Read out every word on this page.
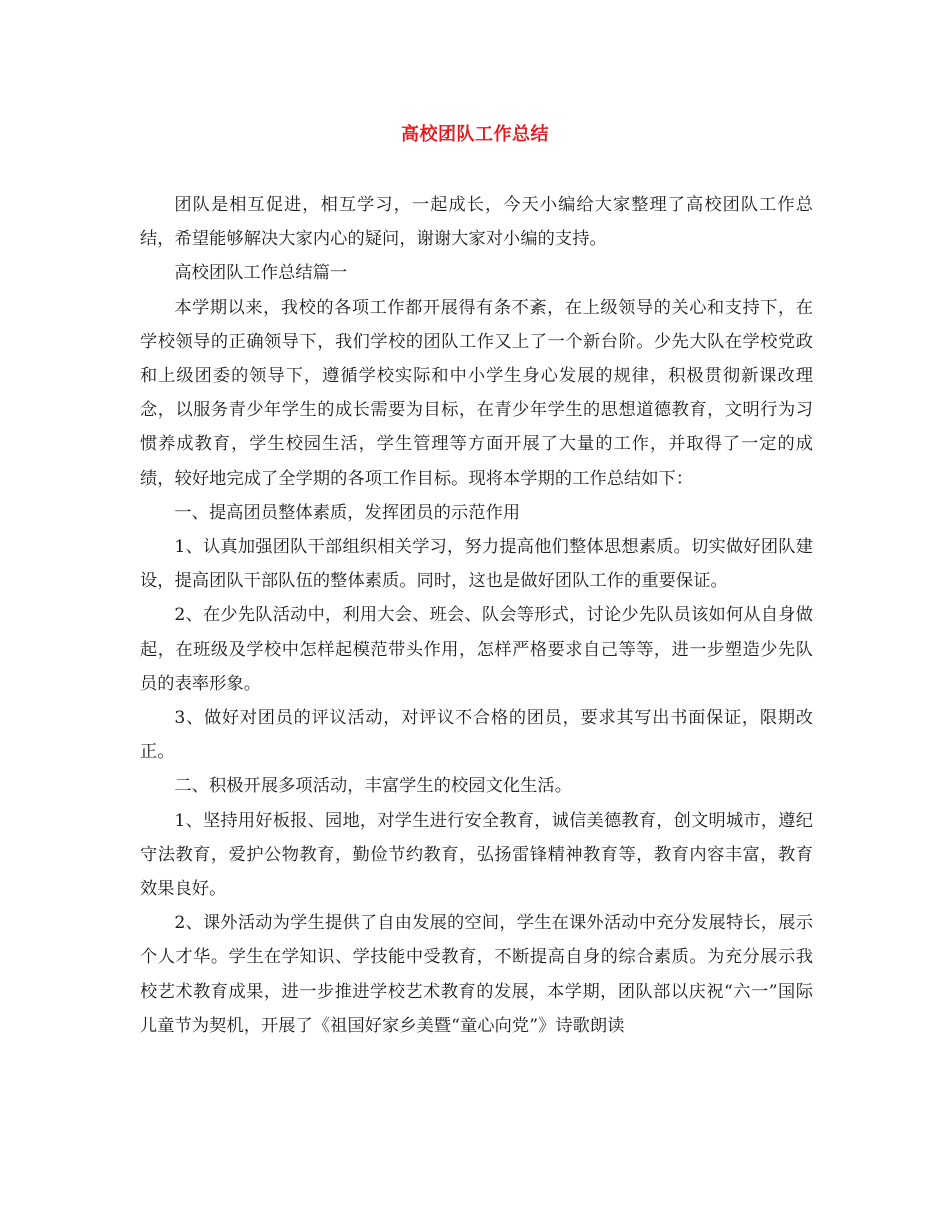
高校团队工作总结

团队是相互促进，相互学习，一起成长，今天小编给大家整理了高校团队工作总结，希望能够解决大家内心的疑问，谢谢大家对小编的支持。

高校团队工作总结篇一

本学期以来，我校的各项工作都开展得有条不紊，在上级领导的关心和支持下，在学校领导的正确领导下，我们学校的团队工作又上了一个新台阶。少先大队在学校党政和上级团委的领导下，遵循学校实际和中小学生身心发展的规律，积极贯彻新课改理念，以服务青少年学生的成长需要为目标，在青少年学生的思想道德教育，文明行为习惯养成教育，学生校园生活，学生管理等方面开展了大量的工作，并取得了一定的成绩，较好地完成了全学期的各项工作目标。现将本学期的工作总结如下：

一、提高团员整体素质，发挥团员的示范作用

1、认真加强团队干部组织相关学习，努力提高他们整体思想素质。切实做好团队建设，提高团队干部队伍的整体素质。同时，这也是做好团队工作的重要保证。

2、在少先队活动中，利用大会、班会、队会等形式，讨论少先队员该如何从自身做起，在班级及学校中怎样起模范带头作用，怎样严格要求自己等等，进一步塑造少先队员的表率形象。

3、做好对团员的评议活动，对评议不合格的团员，要求其写出书面保证，限期改正。

二、积极开展多项活动，丰富学生的校园文化生活。

1、坚持用好板报、园地，对学生进行安全教育，诚信美德教育，创文明城市，遵纪守法教育，爱护公物教育，勤俭节约教育，弘扬雷锋精神教育等，教育内容丰富，教育效果良好。

2、课外活动为学生提供了自由发展的空间，学生在课外活动中充分发展特长，展示个人才华。学生在学知识、学技能中受教育，不断提高自身的综合素质。为充分展示我校艺术教育成果，进一步推进学校艺术教育的发展，本学期，团队部以庆祝“六一”国际儿童节为契机，开展了《祖国好家乡美暨“童心向党”》诗歌朗读
